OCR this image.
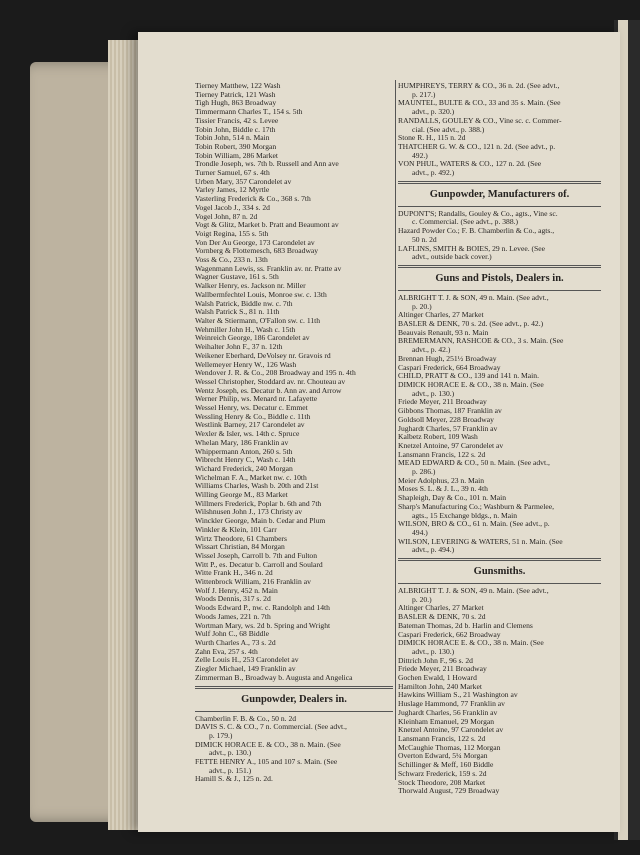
Tierney Matthew, 122 Wash
Tierney Patrick, 121 Wash
Tigh Hugh, 863 Broadway
Timmermann Charles T., 154 s. 5th
Tissier Francis, 42 s. Levee
Tobin John, Biddle c. 17th
Tobin John, 514 n. Main
Tobin Robert, 390 Morgan
Tobin William, 286 Market
Trondle Joseph, ws. 7th b. Russell and Ann ave
Turner Samuel, 67 s. 4th
Urben Mary, 357 Carondelet av
Varley James, 12 Myrtle
Vasterling Frederick & Co., 368 s. 7th
Vogel Jacob J., 334 s. 2d
Vogel John, 87 n. 2d
Vogt & Glitz, Market b. Pratt and Beaumont av
Voigt Regina, 155 s. 5th
Von Der Au George, 173 Carondelet av
Vornberg & Flottemesch, 683 Broadway
Voss & Co., 233 n. 13th
Wagenmann Lewis, ss. Franklin av. nr. Pratte av
Wagner Gustave, 161 s. 5th
Walker Henry, es. Jackson nr. Miller
Wallbermfechtel Louis, Monroe sw. c. 13th
Walsh Patrick, Biddle nw. c. 7th
Walsh Patrick S., 81 n. 11th
Walter & Stiermann, O'Fallon sw. c. 11th
Wehmiller John H., Wash c. 15th
Weinreich George, 186 Carondelet av
Weihalter John F., 37 n. 12th
Weikener Eberhard, DeVolsey nr. Gravois rd
Wellemeyer Henry W., 126 Wash
Wendover J. R. & Co., 208 Broadway and 195 n. 4th
Wessel Christopher, Stoddard av. nr. Chouteau av
Wentz Joseph, es. Decatur b. Ann av. and Arrow
Werner Philip, ws. Menard nr. Lafayette
Wessel Henry, ws. Decatur c. Emmet
Wessling Henry & Co., Biddle c. 11th
Westlink Barney, 217 Carondelet av
Wexler & Isler, ws. 14th c. Spruce
Whelan Mary, 186 Franklin av
Whippermann Anton, 260 s. 5th
Wibrecht Henry C., Wash c. 14th
Wichard Frederick, 240 Morgan
Wichelman F. A., Market nw. c. 10th
Williams Charles, Wash b. 20th and 21st
Willing George M., 83 Market
Willmers Frederick, Poplar b. 6th and 7th
Wilshnusen John J., 173 Christy av
Winckler George, Main b. Cedar and Plum
Winkler & Klein, 101 Carr
Wirtz Theodore, 61 Chambers
Wissart Christian, 84 Morgan
Wissel Joseph, Carroll b. 7th and Fulton
Witt P., es. Decatur b. Carroll and Soulard
Witte Frank H., 346 n. 2d
Wittenbrock William, 216 Franklin av
Wolf J. Henry, 452 n. Main
Woods Dennis, 317 s. 2d
Woods Edward P., nw. c. Randolph and 14th
Woods James, 221 n. 7th
Wortman Mary, ws. 2d b. Spring and Wright
Wulf John C., 68 Biddle
Wurth Charles A., 73 s. 2d
Zahn Eva, 257 s. 4th
Zelle Louis H., 253 Carondelet av
Ziegler Michael, 149 Franklin av
Zimmerman B., Broadway b. Augusta and Angelica
Gunpowder, Dealers in.
Chamberlin F. B. & Co., 50 n. 2d
DAVIS S. C. & CO., 7 n. Commercial. (See advt.,
p. 179.)
DIMICK HORACE E. & CO., 38 n. Main. (See
advt., p. 130.)
FETTE HENRY A., 105 and 107 s. Main. (See
advt., p. 151.)
Hamill S. & J., 125 n. 2d.
HUMPHREYS, TERRY & CO., 36 n. 2d. (See advt.,
p. 217.)
MAUNTEL, BULTE & CO., 33 and 35 s. Main. (See
advt., p. 320.)
RANDALLS, GOULEY & CO., Vine sc. c. Commer-
cial. (See advt., p. 388.)
Stone R. H., 115 n. 2d
THATCHER G. W. & CO., 121 n. 2d. (See advt., p.
492.)
VON PHUL, WATERS & CO., 127 n. 2d. (See
advt., p. 492.)
Gunpowder, Manufacturers of.
DUPONT'S; Randalls, Gouley & Co., agts., Vine sc.
c. Commercial. (See advt., p. 388.)
Hazard Powder Co.; F. B. Chamberlin & Co., agts.,
50 n. 2d
LAFLINS, SMITH & BOIES, 29 n. Levee. (See
advt., outside back cover.)
Guns and Pistols, Dealers in.
ALBRIGHT T. J. & SON, 49 n. Main. (See advt.,
p. 20.)
Altinger Charles, 27 Market
BASLER & DENK, 70 s. 2d. (See advt., p. 42.)
Beauvais Renault, 93 n. Main
BREMERMANN, RASHCOE & CO., 3 s. Main. (See
advt., p. 42.)
Brennan Hugh, 251½ Broadway
Caspari Frederick, 664 Broadway
CHILD, PRATT & CO., 139 and 141 n. Main.
DIMICK HORACE E. & CO., 38 n. Main. (See
advt., p. 130.)
Friede Meyer, 211 Broadway
Gibbons Thomas, 187 Franklin av
Goldsoll Meyer, 228 Broadway
Jughardt Charles, 57 Franklin av
Kalbetz Robert, 109 Wash
Knetzel Antoine, 97 Carondelet av
Lansmann Francis, 122 s. 2d
MEAD EDWARD & CO., 50 n. Main. (See advt.,
p. 286.)
Meier Adolphus, 23 n. Main
Moses S. L. & J. L., 39 n. 4th
Shapleigh, Day & Co., 101 n. Main
Sharp's Manufacturing Co.; Washburn & Parmelee,
agts., 15 Exchange bldgs., n. Main
WILSON, BRO & CO., 61 n. Main. (See advt., p.
494.)
WILSON, LEVERING & WATERS, 51 n. Main. (See
advt., p. 494.)
Gunsmiths.
ALBRIGHT T. J. & SON, 49 n. Main. (See advt.,
p. 20.)
Altinger Charles, 27 Market
BASLER & DENK, 70 s. 2d
Bateman Thomas, 2d b. Harlin and Clemens
Caspari Frederick, 662 Broadway
DIMICK HORACE E. & CO., 38 n. Main. (See
advt., p. 130.)
Dittrich John F., 96 s. 2d
Friede Meyer, 211 Broadway
Gochen Ewald, 1 Howard
Hamilton John, 240 Market
Hawkins William S., 21 Washington av
Huslage Hammond, 77 Franklin av
Jughardt Charles, 56 Franklin av
Kleinham Emanuel, 29 Morgan
Knetzel Antoine, 97 Carondelet av
Lansmann Francis, 122 s. 2d
McCaughie Thomas, 112 Morgan
Overton Edward, 5¼ Morgan
Schillinger & Meff, 160 Biddle
Schwarz Frederick, 159 s. 2d
Stock Theodore, 208 Market
Thorwald August, 729 Broadway
